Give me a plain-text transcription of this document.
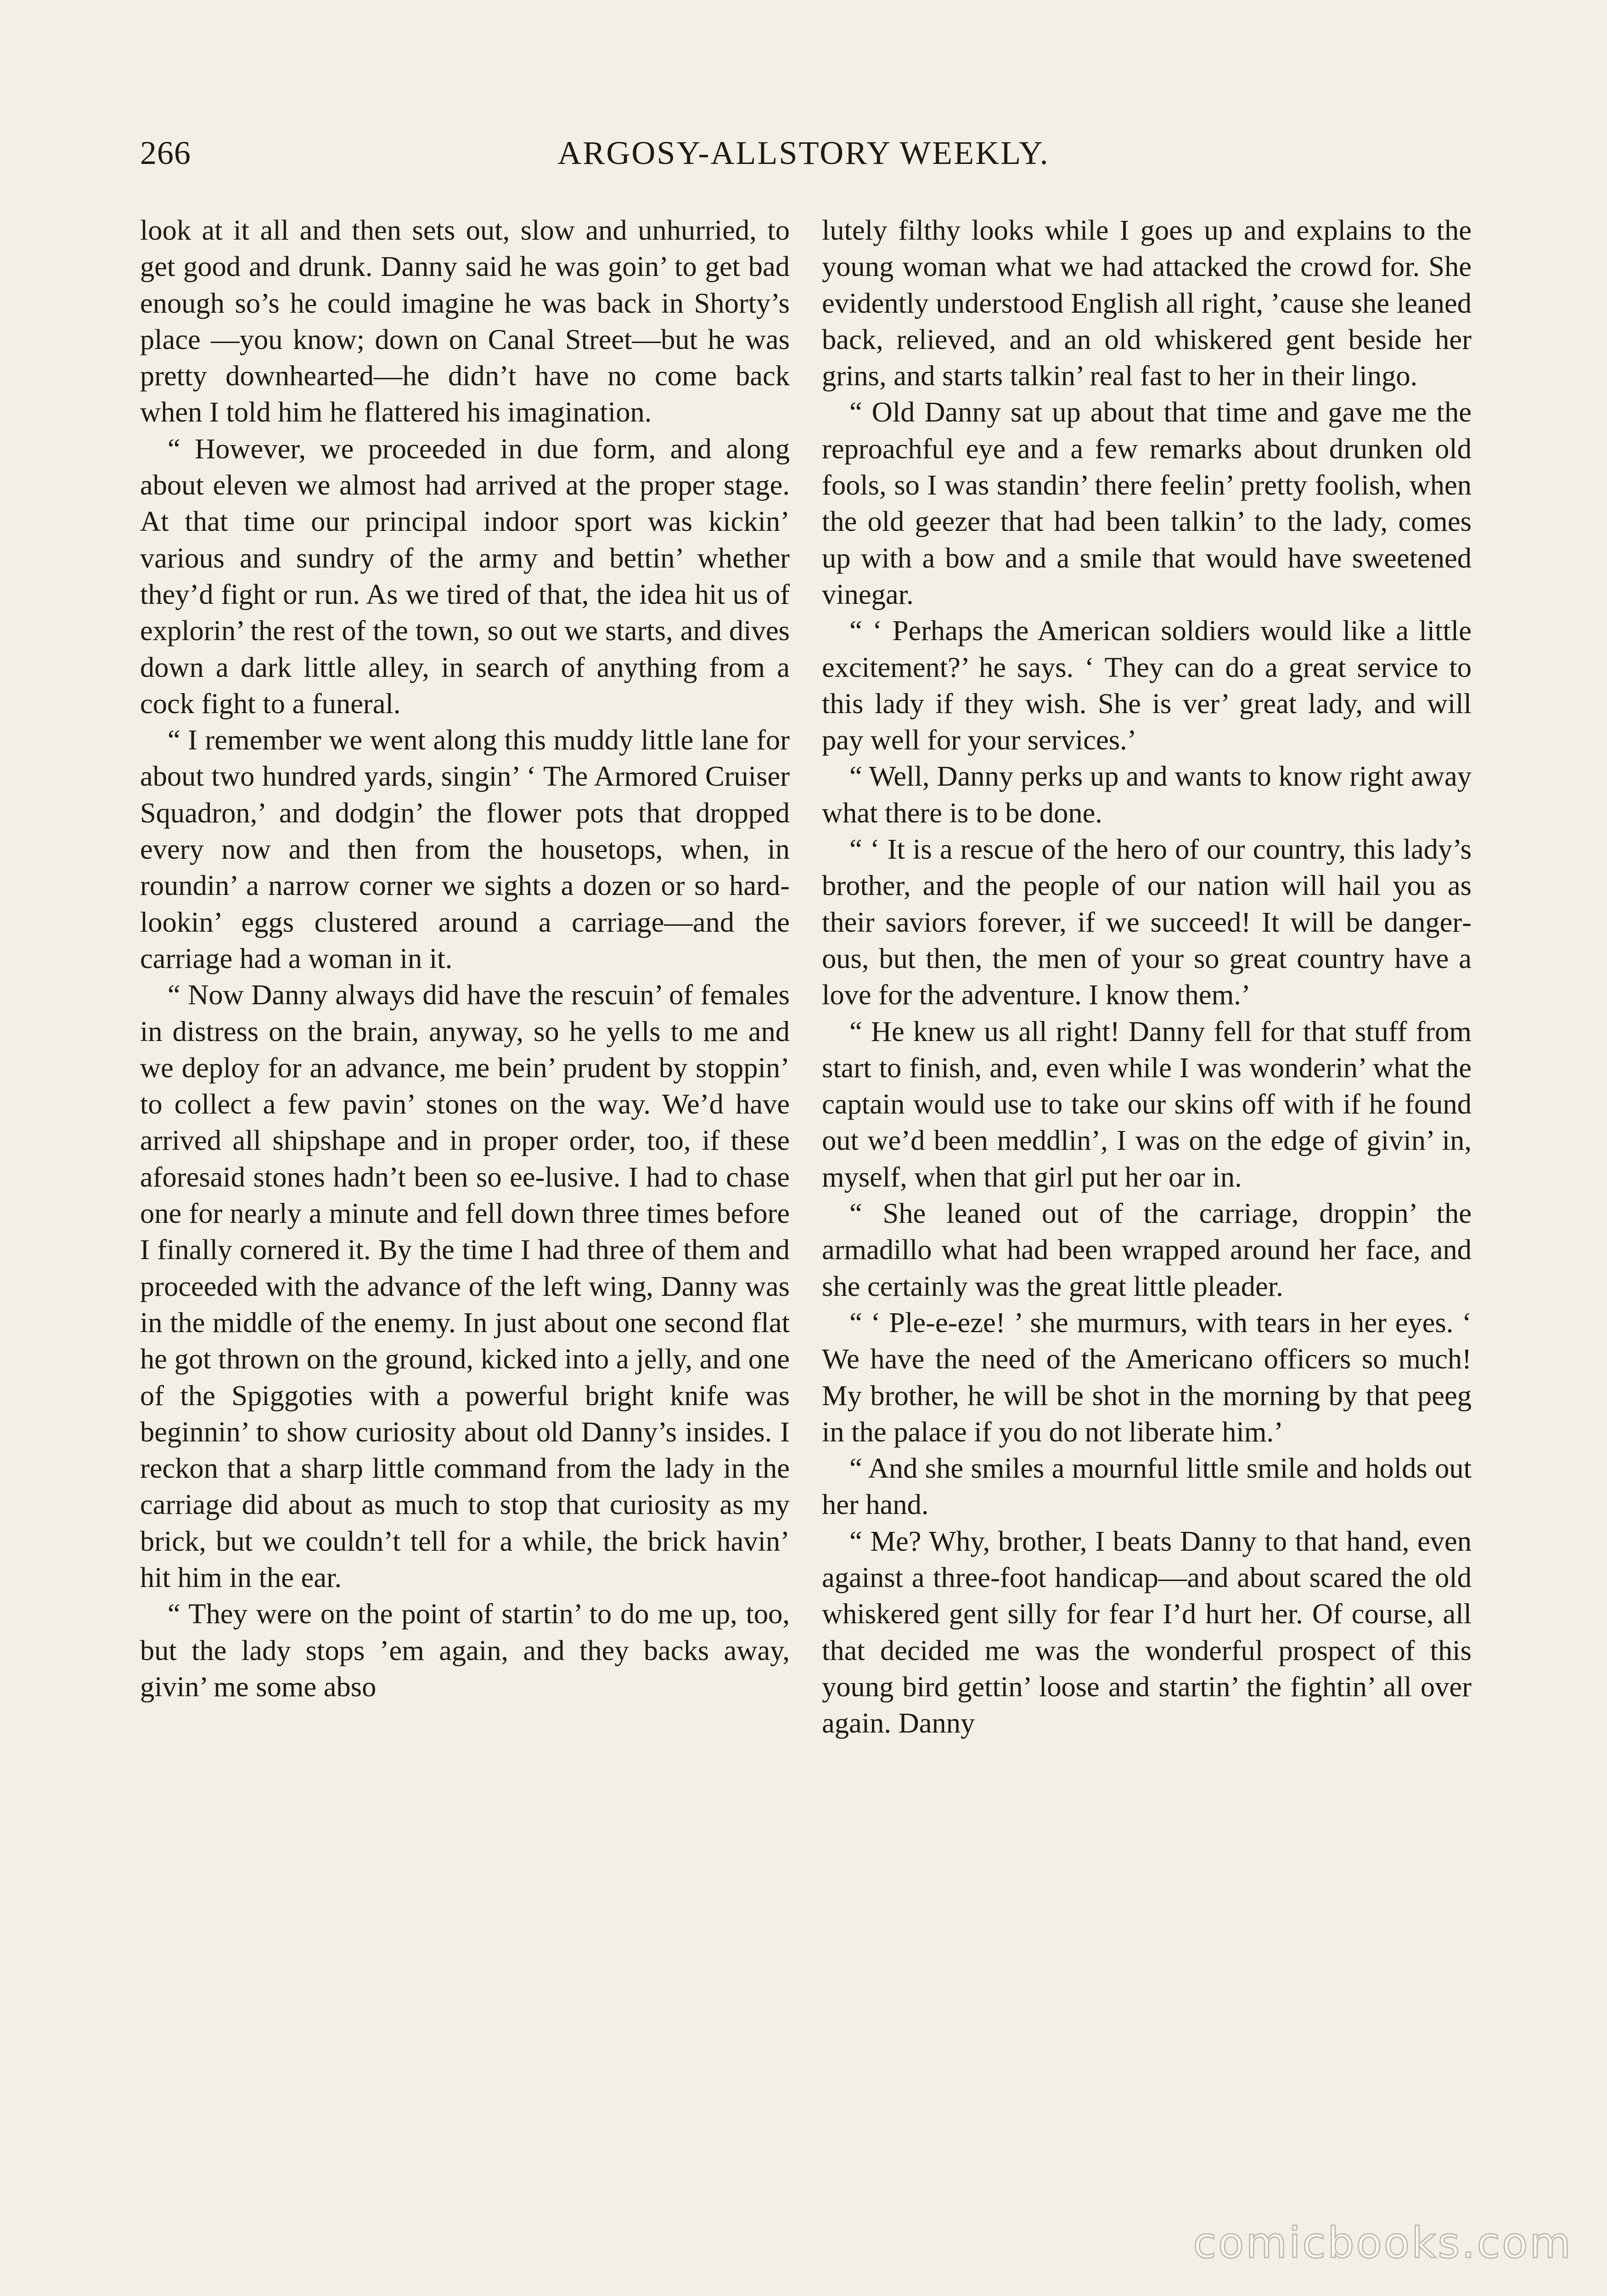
266	ARGOSY-ALLSTORY WEEKLY.

look at it all and then sets out, slow and unhurried, to get good and drunk. Danny said he was goin’ to get bad enough so’s he could imagine he was back in Shorty’s place —you know; down on Canal Street—but he was pretty downhearted—he didn’t have no come back when I told him he flattered his imagination.

“ However, we proceeded in due form, and along about eleven we almost had arrived at the proper stage. At that time our principal indoor sport was kickin’ various and sundry of the army and bettin’ whether they’d fight or run. As we tired of that, the idea hit us of explorin’ the rest of the town, so out we starts, and dives down a dark little alley, in search of anything from a cock fight to a funeral.

“ I remember we went along this muddy little lane for about two hundred yards, singin’ ‘ The Armored Cruiser Squadron,’ and dodgin’ the flower pots that dropped every now and then from the housetops, when, in roundin’ a narrow corner we sights a dozen or so hard-lookin’ eggs clustered around a carriage—and the carriage had a woman in it.

“ Now Danny always did have the rescuin’ of females in distress on the brain, anyway, so he yells to me and we deploy for an advance, me bein’ prudent by stoppin’ to collect a few pavin’ stones on the way. We’d have arrived all shipshape and in proper order, too, if these aforesaid stones hadn’t been so ee-lusive. I had to chase one for nearly a minute and fell down three times before I finally cornered it. By the time I had three of them and proceeded with the advance of the left wing, Danny was in the middle of the enemy. In just about one second flat he got thrown on the ground, kicked into a jelly, and one of the Spiggoties with a powerful bright knife was beginnin’ to show curiosity about old Danny’s insides. I reckon that a sharp little command from the lady in the carriage did about as much to stop that curiosity as my brick, but we couldn’t tell for a while, the brick havin’ hit him in the ear.

“ They were on the point of startin’ to do me up, too, but the lady stops ’em again, and they backs away, givin’ me some abso

lutely filthy looks while I goes up and explains to the young woman what we had attacked the crowd for. She evidently understood English all right, ’cause she leaned back, relieved, and an old whiskered gent beside her grins, and starts talkin’ real fast to her in their lingo.

“ Old Danny sat up about that time and gave me the reproachful eye and a few remarks about drunken old fools, so I was standin’ there feelin’ pretty foolish, when the old geezer that had been talkin’ to the lady, comes up with a bow and a smile that would have sweetened vinegar.

“ ‘ Perhaps the American soldiers would like a little excitement?’ he says. ‘ They can do a great service to this lady if they wish. She is ver’ great lady, and will pay well for your services.’

“ Well, Danny perks up and wants to know right away what there is to be done.

“ ‘ It is a rescue of the hero of our country, this lady’s brother, and the people of our nation will hail you as their saviors forever, if we succeed! It will be dangerous, but then, the men of your so great country have a love for the adventure. I know them.’

“ He knew us all right! Danny fell for that stuff from start to finish, and, even while I was wonderin’ what the captain would use to take our skins off with if he found out we’d been meddlin’, I was on the edge of givin’ in, myself, when that girl put her oar in.

“ She leaned out of the carriage, droppin’ the armadillo what had been wrapped around her face, and she certainly was the great little pleader.

“ ‘ Ple-e-eze! ’ she murmurs, with tears in her eyes. ‘ We have the need of the Americano officers so much! My brother, he will be shot in the morning by that peeg in the palace if you do not liberate him.’

“ And she smiles a mournful little smile and holds out her hand.

“ Me? Why, brother, I beats Danny to that hand, even against a three-foot handicap—and about scared the old whiskered gent silly for fear I’d hurt her. Of course, all that decided me was the wonderful prospect of this young bird gettin’ loose and startin’ the fightin’ all over again. Danny

comicbooks.com
